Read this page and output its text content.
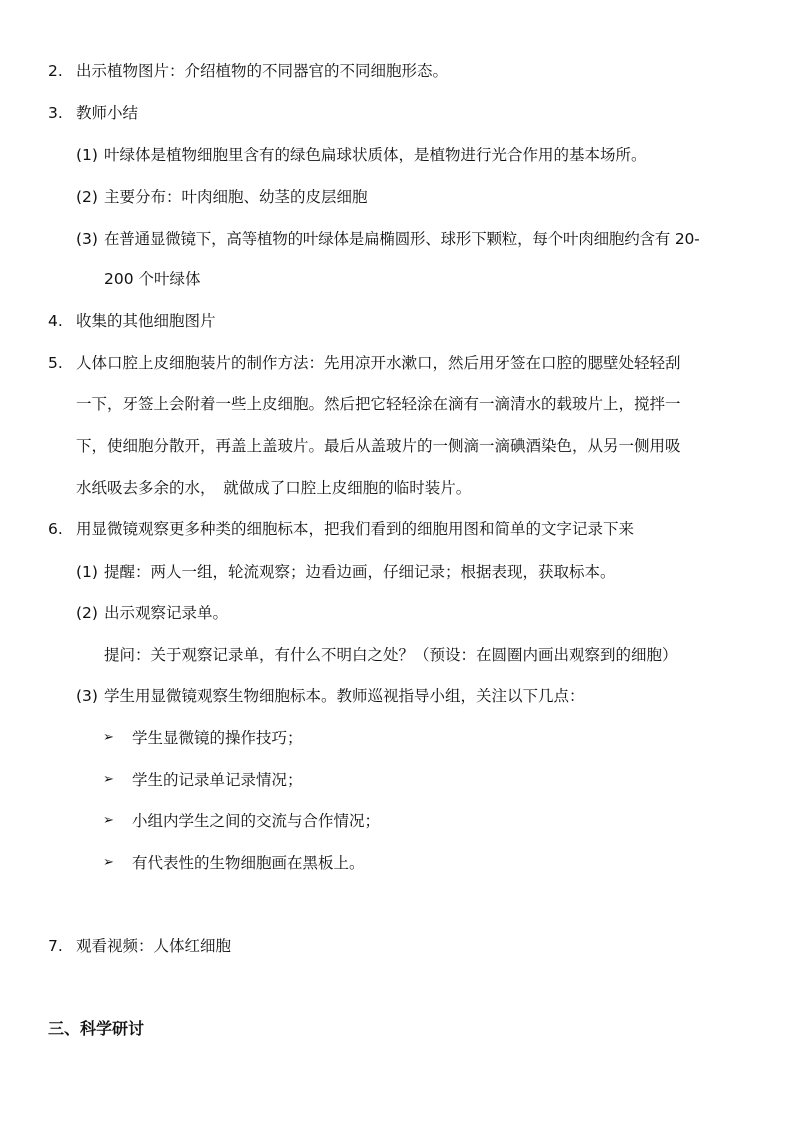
2. 出示植物图片：介绍植物的不同器官的不同细胞形态。
3. 教师小结
(1) 叶绿体是植物细胞里含有的绿色扁球状质体，是植物进行光合作用的基本场所。
(2) 主要分布：叶肉细胞、幼茎的皮层细胞
(3) 在普通显微镜下，高等植物的叶绿体是扁椭圆形、球形下颗粒，每个叶肉细胞约含有 20-
200 个叶绿体
4. 收集的其他细胞图片
5. 人体口腔上皮细胞装片的制作方法：先用凉开水漱口，然后用牙签在口腔的腮壁处轻轻刮
一下，牙签上会附着一些上皮细胞。然后把它轻轻涂在滴有一滴清水的载玻片上，搅拌一
下，使细胞分散开，再盖上盖玻片。最后从盖玻片的一侧滴一滴碘酒染色，从另一侧用吸
水纸吸去多余的水，　就做成了口腔上皮细胞的临时装片。
6. 用显微镜观察更多种类的细胞标本，把我们看到的细胞用图和简单的文字记录下来
(1) 提醒：两人一组，轮流观察；边看边画，仔细记录；根据表现，获取标本。
(2) 出示观察记录单。
提问：关于观察记录单，有什么不明白之处？（预设：在圆圈内画出观察到的细胞）
(3) 学生用显微镜观察生物细胞标本。教师巡视指导小组，关注以下几点：
➢ 学生显微镜的操作技巧；
➢ 学生的记录单记录情况；
➢ 小组内学生之间的交流与合作情况；
➢ 有代表性的生物细胞画在黑板上。
7. 观看视频：人体红细胞
三、科学研讨
